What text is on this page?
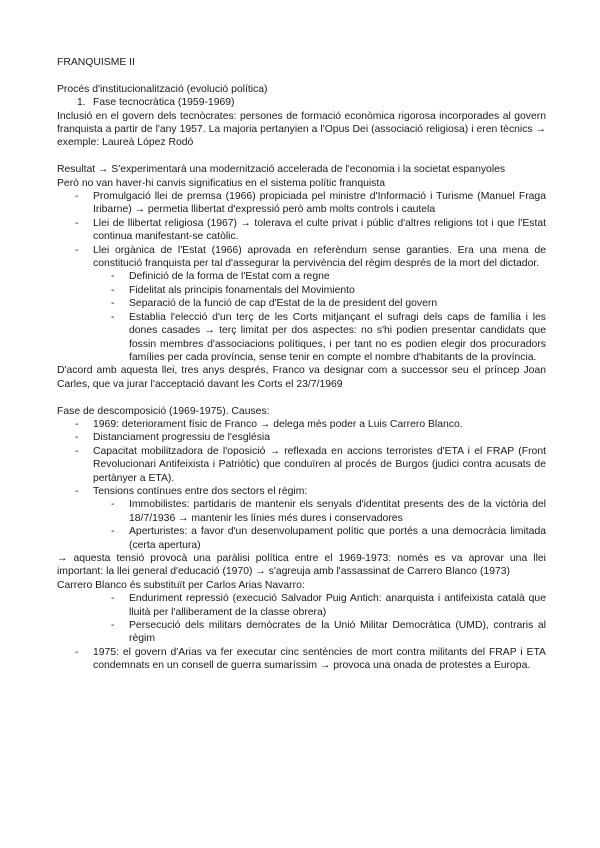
FRANQUISME II

Procés d'institucionalització (evolució política)

1. Fase tecnocràtica (1959-1969)

Inclusió en el govern dels tecnòcrates: persones de formació econòmica rigorosa incorporades al govern franquista a partir de l'any 1957. La majoria pertanyien a l'Opus Dei (associació religiosa) i eren tècnics → exemple: Laureà López Rodó

Resultat → S'experimentarà una modernització accelerada de l'economia i la societat espanyoles

Però no van haver-hi canvis significatius en el sistema polític franquista

- Promulgació llei de premsa (1966) propiciada pel ministre d'Informació i Turisme (Manuel Fraga Iribarne) → permetia llibertat d'expressió però amb molts controls i cautela
- Llei de llibertat religiosa (1967) → tolerava el culte privat i públic d'altres religions tot i que l'Estat continua manifestant-se catòlic.
- Llei orgànica de l'Estat (1966) aprovada en referèndum sense garanties. Era una mena de constitució franquista per tal d'assegurar la pervivència del règim després de la mort del dictador.
- Definició de la forma de l'Estat com a regne
- Fidelitat als principis fonamentals del Movimiento
- Separació de la funció de cap d'Estat de la de president del govern
- Establia l'elecció d'un terç de les Corts mitjançant el sufragi dels caps de família i les dones casades → terç limitat per dos aspectes: no s'hi podien presentar candidats que fossin membres d'associacions polítiques, i per tant no es podien elegir dos procuradors famílies per cada província, sense tenir en compte el nombre d'habitants de la província.

D'acord amb aquesta llei, tres anys després, Franco va designar com a successor seu el príncep Joan Carles, que va jurar l'acceptació davant les Corts el 23/7/1969

Fase de descomposició (1969-1975). Causes:

- 1969: deteriorament físic de Franco → delega més poder a Luis Carrero Blanco.
- Distanciament progressiu de l'església
- Capacitat mobilitzadora de l'oposició → reflexada en accions terroristes d'ETA i el FRAP (Front Revolucionari Antifeixista i Patriòtic) que conduïren al procés de Burgos (judici contra acusats de pertànyer a ETA).
- Tensions contínues entre dos sectors el règim:
- Immobilistes: partidaris de mantenir els senyals d'identitat presents des de la victòria del 18/7/1936 → mantenir les línies més dures i conservadores
- Aperturistes: a favor d'un desenvolupament polític que portés a una democràcia limitada (certa apertura)

→ aquesta tensió provocà una paràlisi política entre el 1969-1973: només es va aprovar una llei important: la llei general d'educació (1970) → s'agreuja amb l'assassinat de Carrero Blanco (1973)

Carrero Blanco és substituït per Carlos Arias Navarro:

- Enduriment repressió (execució Salvador Puig Antich: anarquista i antifeixista català que lluità per l'alliberament de la classe obrera)
- Persecució dels militars demòcrates de la Unió Militar Democràtica (UMD), contraris al règim
- 1975: el govern d'Arias va fer executar cinc sentències de mort contra militants del FRAP i ETA condemnats en un consell de guerra sumaríssim → provoca una onada de protestes a Europa.
